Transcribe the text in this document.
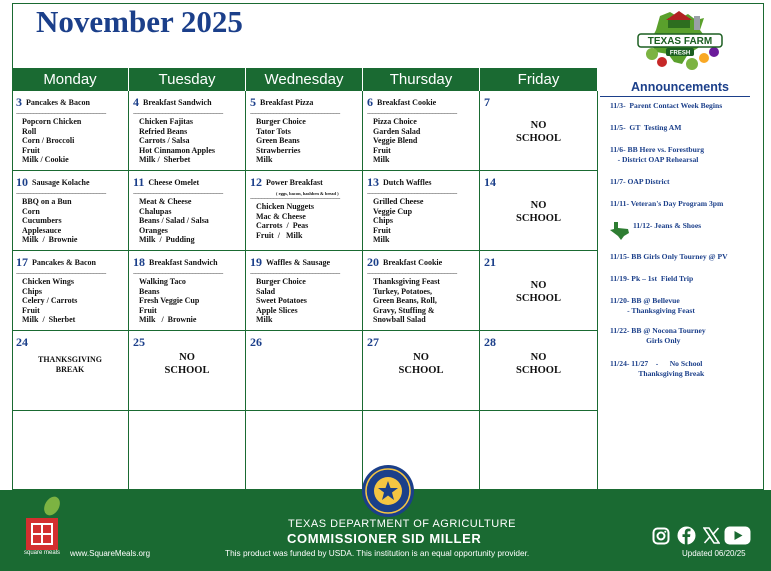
November 2025
Monday	Tuesday	Wednesday	Thursday	Friday
3 Pancakes & Bacon
------------------------------------------------------------
Popcorn Chicken
Roll
Corn / Broccoli
Fruit
Milk / Cookie
4 Breakfast Sandwich
------------------------------------------------------------
Chicken Fajitas
Refried Beans
Carrots / Salsa
Hot Cinnamon Apples
Milk /  Sherbet
5 Breakfast Pizza
------------------------------------------------------------
Burger Choice
Tator Tots
Green Beans
Strawberries
Milk
6 Breakfast Cookie
------------------------------------------------------------
Pizza Choice
Garden Salad
Veggie Blend
Fruit
Milk
7
NO
SCHOOL
10 Sausage Kolache
------------------------------------------------------------
BBQ on a Bun
Corn
Cucumbers
Applesauce
Milk  /  Brownie
11 Cheese Omelet
------------------------------------------------------------
Meat & Cheese
Chalupas
Beans / Salad / Salsa
Oranges
Milk  /  Pudding
12 Power Breakfast
( eggs, bacon, hashbrn & bread )
------------------------------------------------------------
Chicken Nuggets
Mac & Cheese
Carrots  /  Peas
Fruit  /   Milk
13 Dutch Waffles
------------------------------------------------------------
Grilled Cheese
Veggie Cup
Chips
Fruit
Milk
14
NO
SCHOOL
17 Pancakes & Bacon
------------------------------------------------------------
Chicken Wings
Chips
Celery / Carrots
Fruit
Milk  /  Sherbet
18 Breakfast Sandwich
------------------------------------------------------------
Walking Taco
Beans
Fresh Veggie Cup
Fruit
Milk   /  Brownie
19 Waffles & Sausage
------------------------------------------------------------
Burger Choice
Salad
Sweet Potatoes
Apple Slices
Milk
20 Breakfast Cookie
------------------------------------------------------------
Thanksgiving Feast
Turkey, Potatoes,
Green Beans, Roll,
Gravy, Stuffing &
Snowball Salad
21
NO
SCHOOL
24
THANKSGIVING
BREAK
25
NO
SCHOOL
26	27
NO
SCHOOL
28
NO
SCHOOL
TEXAS FARM
FRESH
Announcements
11/3-  Parent Contact Week Begins
11/5-  GT  Testing AM
11/6- BB Here vs. Forestburg
- District OAP Rehearsal
11/7- OAP District
11/11- Veteran's Day Program 3pm
11/12- Jeans & Shoes
11/15- BB Girls Only Tourney @ PV
11/19- Pk – 1st  Field Trip
11/20- BB @ Bellevue
- Thanksgiving Feast
11/22- BB @ Nocona Tourney
Girls Only
11/24- 11/27    -      No School
Thanksgiving Break
square meals www.SquareMeals.org
TEXAS DEPARTMENT OF AGRICULTURE
COMMISSIONER SID MILLER
This product was funded by USDA. This institution is an equal opportunity provider.	Updated 06/20/25
